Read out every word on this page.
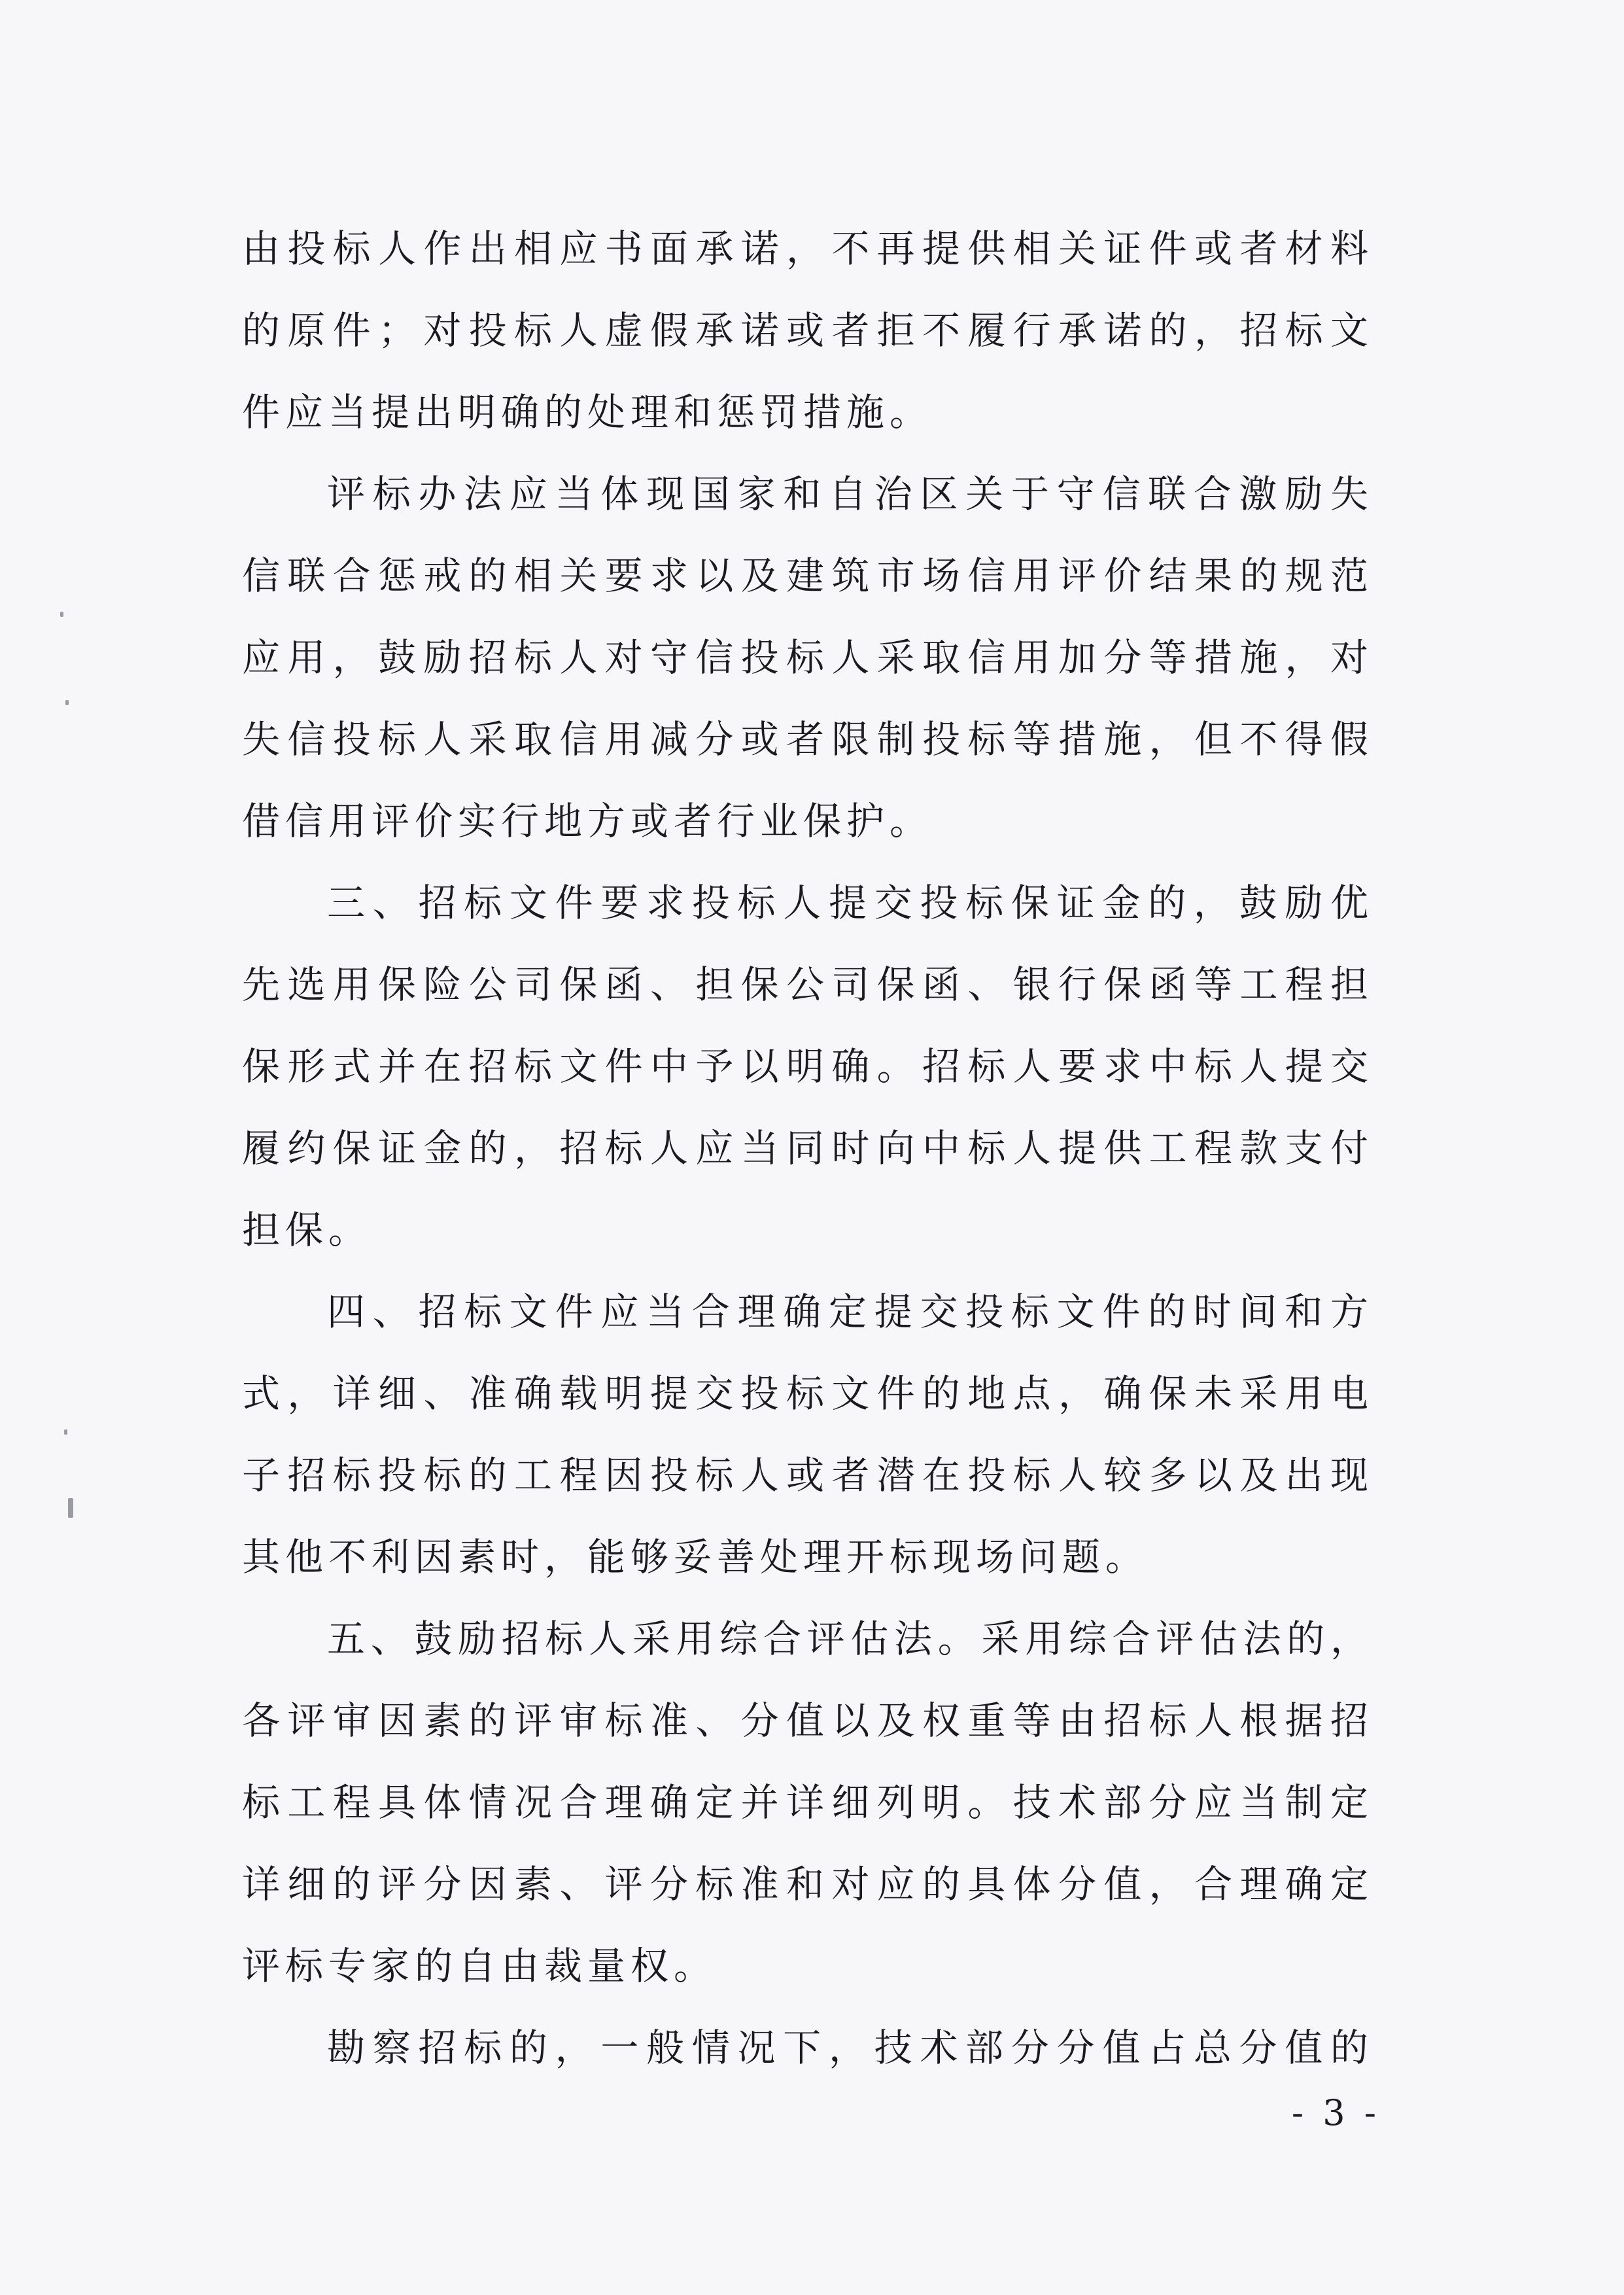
由投标人作出相应书面承诺，不再提供相关证件或者材料
的原件；对投标人虚假承诺或者拒不履行承诺的，招标文
件应当提出明确的处理和惩罚措施。
评标办法应当体现国家和自治区关于守信联合激励失
信联合惩戒的相关要求以及建筑市场信用评价结果的规范
应用，鼓励招标人对守信投标人采取信用加分等措施，对
失信投标人采取信用减分或者限制投标等措施，但不得假
借信用评价实行地方或者行业保护。
三、招标文件要求投标人提交投标保证金的，鼓励优
先选用保险公司保函、担保公司保函、银行保函等工程担
保形式并在招标文件中予以明确。招标人要求中标人提交
履约保证金的，招标人应当同时向中标人提供工程款支付
担保。
四、招标文件应当合理确定提交投标文件的时间和方
式，详细、准确载明提交投标文件的地点，确保未采用电
子招标投标的工程因投标人或者潜在投标人较多以及出现
其他不利因素时，能够妥善处理开标现场问题。
五、鼓励招标人采用综合评估法。采用综合评估法的，
各评审因素的评审标准、分值以及权重等由招标人根据招
标工程具体情况合理确定并详细列明。技术部分应当制定
详细的评分因素、评分标准和对应的具体分值，合理确定
评标专家的自由裁量权。
勘察招标的，一般情况下，技术部分分值占总分值的
- 3 -
